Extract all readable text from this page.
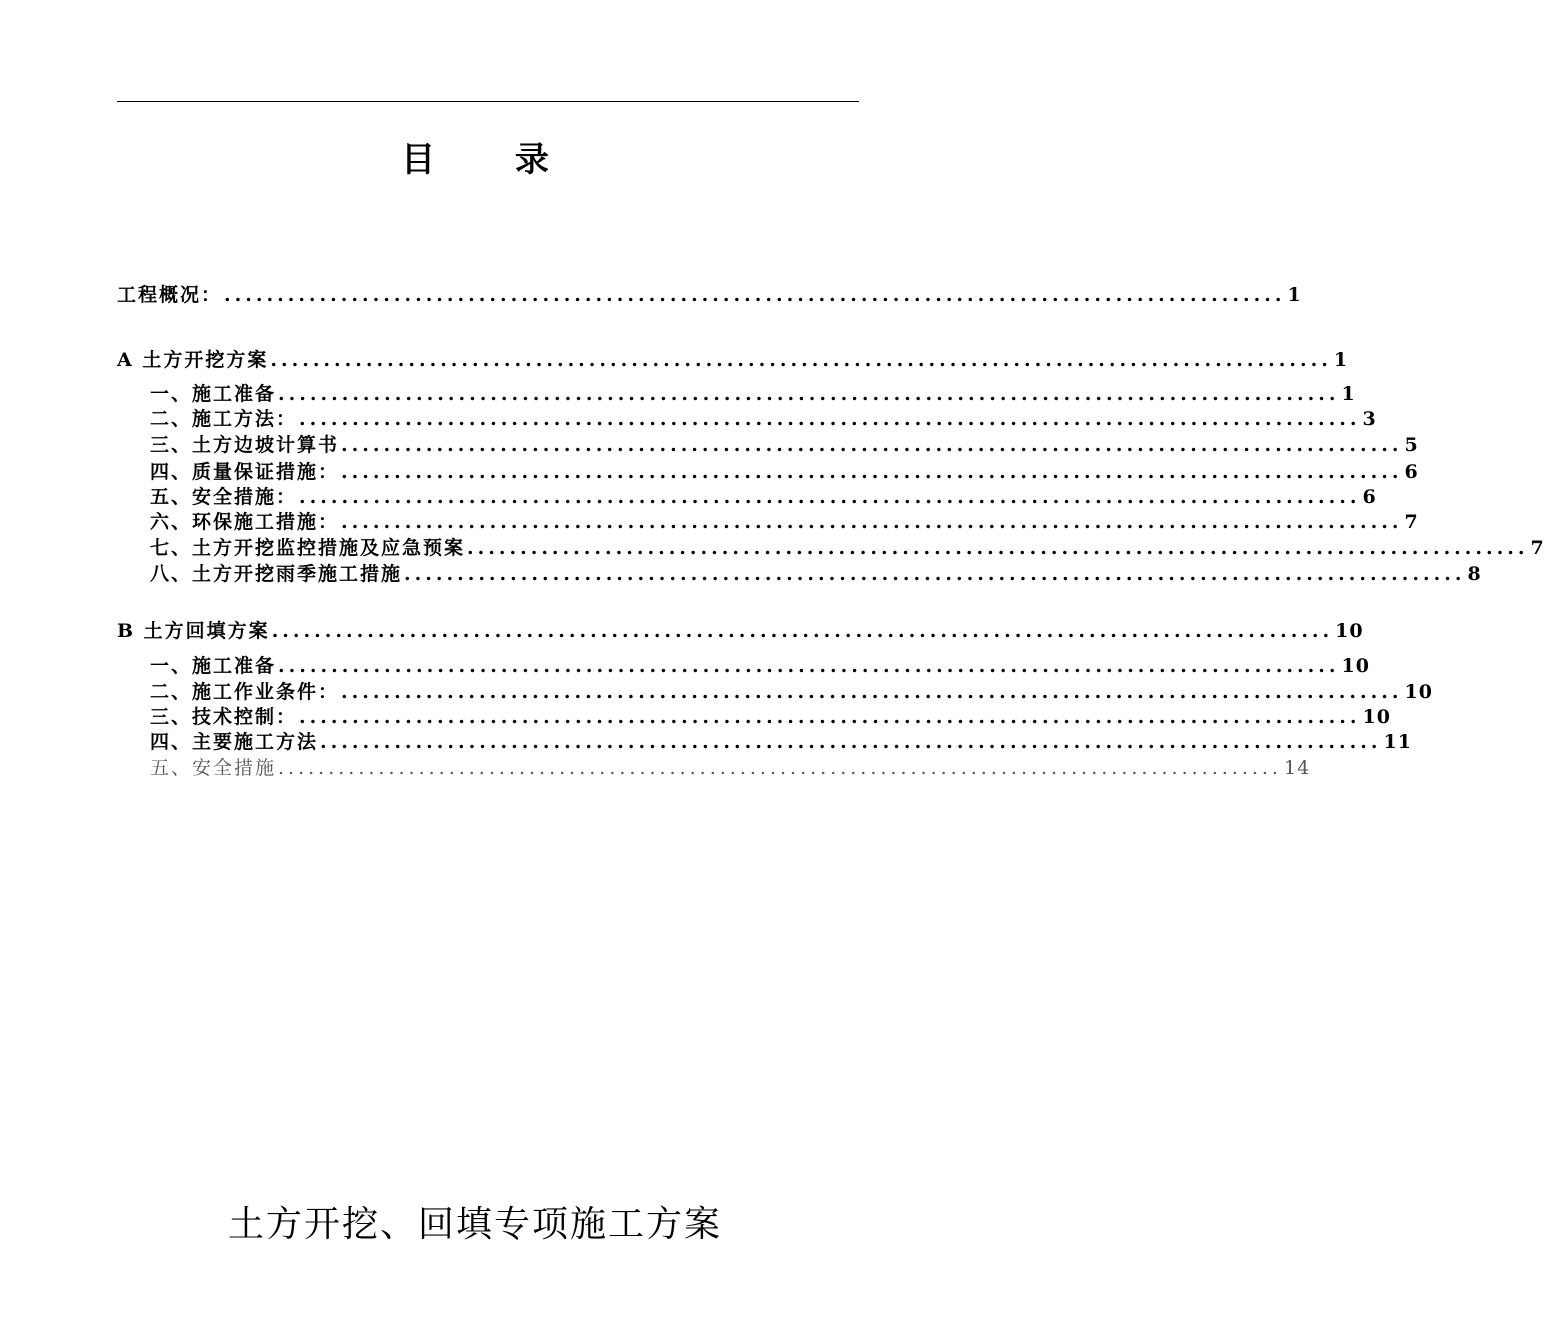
目 录
工程概况： .................................................................................................... 1
A 土方开挖方案 .................................................................................................... 1
一、施工准备 .................................................................................................... 1
二、施工方法： .................................................................................................... 3
三、土方边坡计算书 .................................................................................................... 5
四、质量保证措施： .................................................................................................... 6
五、安全措施： .................................................................................................... 6
六、环保施工措施： .................................................................................................... 7
七、土方开挖监控措施及应急预案 .................................................................................................... 7
八、土方开挖雨季施工措施 .................................................................................................... 8
B 土方回填方案 .................................................................................................... 10
一、施工准备 .................................................................................................... 10
二、施工作业条件： .................................................................................................... 10
三、技术控制： .................................................................................................... 10
四、主要施工方法 .................................................................................................... 11
五、安全措施 .................................................................................................... 14
土方开挖、回填专项施工方案
